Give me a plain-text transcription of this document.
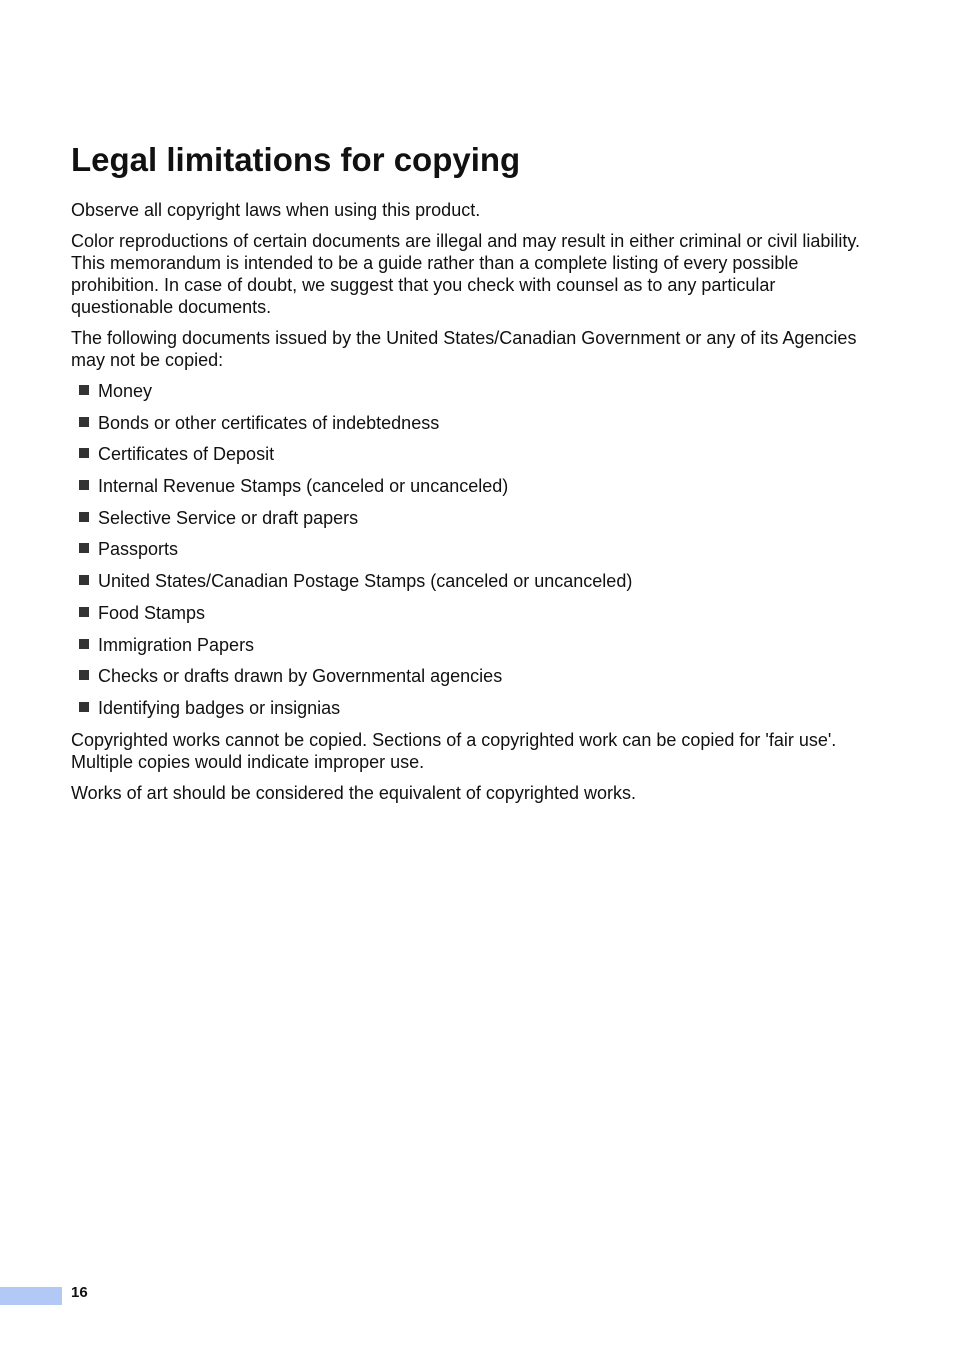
Legal limitations for copying

Observe all copyright laws when using this product.

Color reproductions of certain documents are illegal and may result in either criminal or civil liability. This memorandum is intended to be a guide rather than a complete listing of every possible prohibition. In case of doubt, we suggest that you check with counsel as to any particular questionable documents.

The following documents issued by the United States/Canadian Government or any of its Agencies may not be copied:

Money
Bonds or other certificates of indebtedness
Certificates of Deposit
Internal Revenue Stamps (canceled or uncanceled)
Selective Service or draft papers
Passports
United States/Canadian Postage Stamps (canceled or uncanceled)
Food Stamps
Immigration Papers
Checks or drafts drawn by Governmental agencies
Identifying badges or insignias

Copyrighted works cannot be copied. Sections of a copyrighted work can be copied for 'fair use'. Multiple copies would indicate improper use.

Works of art should be considered the equivalent of copyrighted works.

16
